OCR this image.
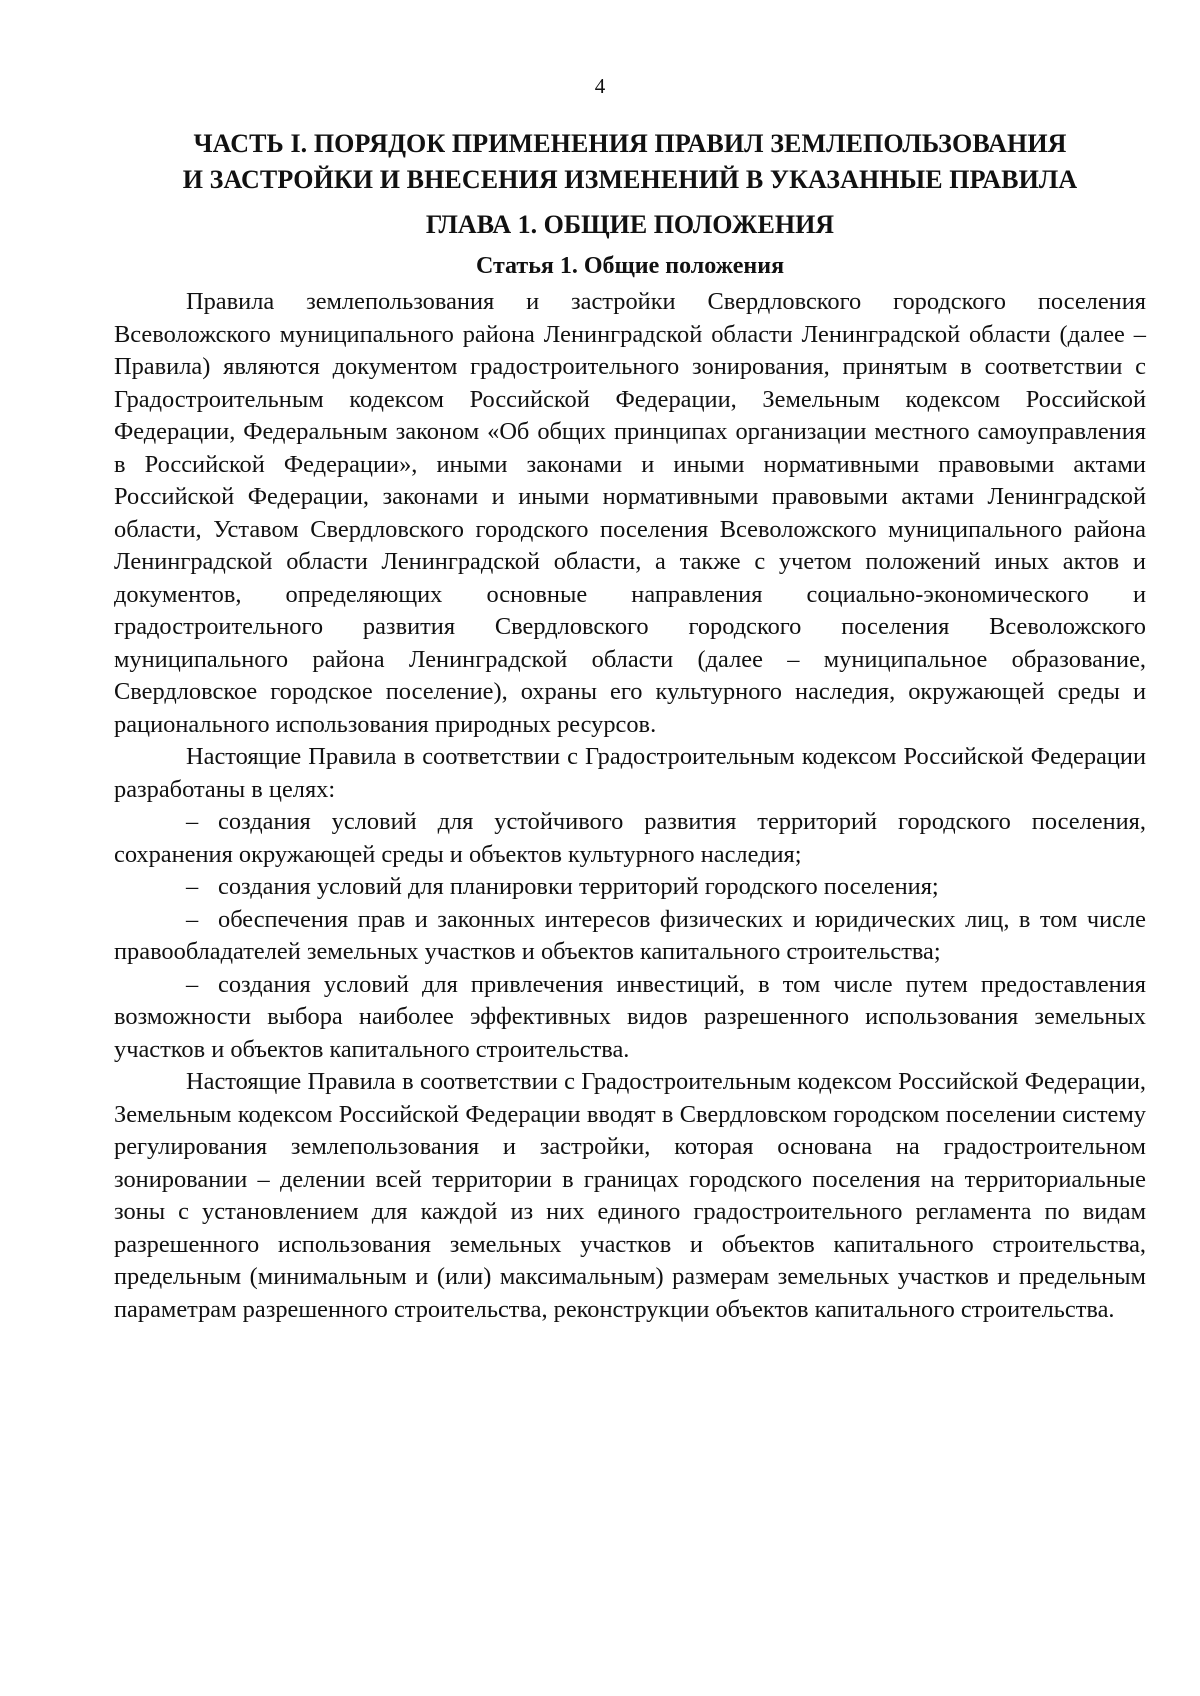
4
ЧАСТЬ I. ПОРЯДОК ПРИМЕНЕНИЯ ПРАВИЛ ЗЕМЛЕПОЛЬЗОВАНИЯ
И ЗАСТРОЙКИ И ВНЕСЕНИЯ ИЗМЕНЕНИЙ В УКАЗАННЫЕ ПРАВИЛА
ГЛАВА 1. ОБЩИЕ ПОЛОЖЕНИЯ
Статья 1. Общие положения

Правила землепользования и застройки Свердловского городского поселения Всеволожского муниципального района Ленинградской области Ленинградской области (далее – Правила) являются документом градостроительного зонирования, принятым в соответствии с Градостроительным кодексом Российской Федерации, Земельным кодексом Российской Федерации, Федеральным законом «Об общих принципах организации местного самоуправления в Российской Федерации», иными законами и иными нормативными правовыми актами Российской Федерации, законами и иными нормативными правовыми актами Ленинградской области, Уставом Свердловского городского поселения Всеволожского муниципального района Ленинградской области Ленинградской области, а также с учетом положений иных актов и документов, определяющих основные направления социально-экономического и градостроительного развития Свердловского городского поселения Всеволожского муниципального района Ленинградской области (далее – муниципальное образование, Свердловское городское поселение), охраны его культурного наследия, окружающей среды и рационального использования природных ресурсов.

Настоящие Правила в соответствии с Градостроительным кодексом Российской Федерации разработаны в целях:

– создания условий для устойчивого развития территорий городского поселения, сохранения окружающей среды и объектов культурного наследия;

– создания условий для планировки территорий городского поселения;

– обеспечения прав и законных интересов физических и юридических лиц, в том числе правообладателей земельных участков и объектов капитального строительства;

– создания условий для привлечения инвестиций, в том числе путем предоставления возможности выбора наиболее эффективных видов разрешенного использования земельных участков и объектов капитального строительства.

Настоящие Правила в соответствии с Градостроительным кодексом Российской Федерации, Земельным кодексом Российской Федерации вводят в Свердловском городском поселении систему регулирования землепользования и застройки, которая основана на градостроительном зонировании – делении всей территории в границах городского поселения на территориальные зоны с установлением для каждой из них единого градостроительного регламента по видам разрешенного использования земельных участков и объектов капитального строительства, предельным (минимальным и (или) максимальным) размерам земельных участков и предельным параметрам разрешенного строительства, реконструкции объектов капитального строительства.
